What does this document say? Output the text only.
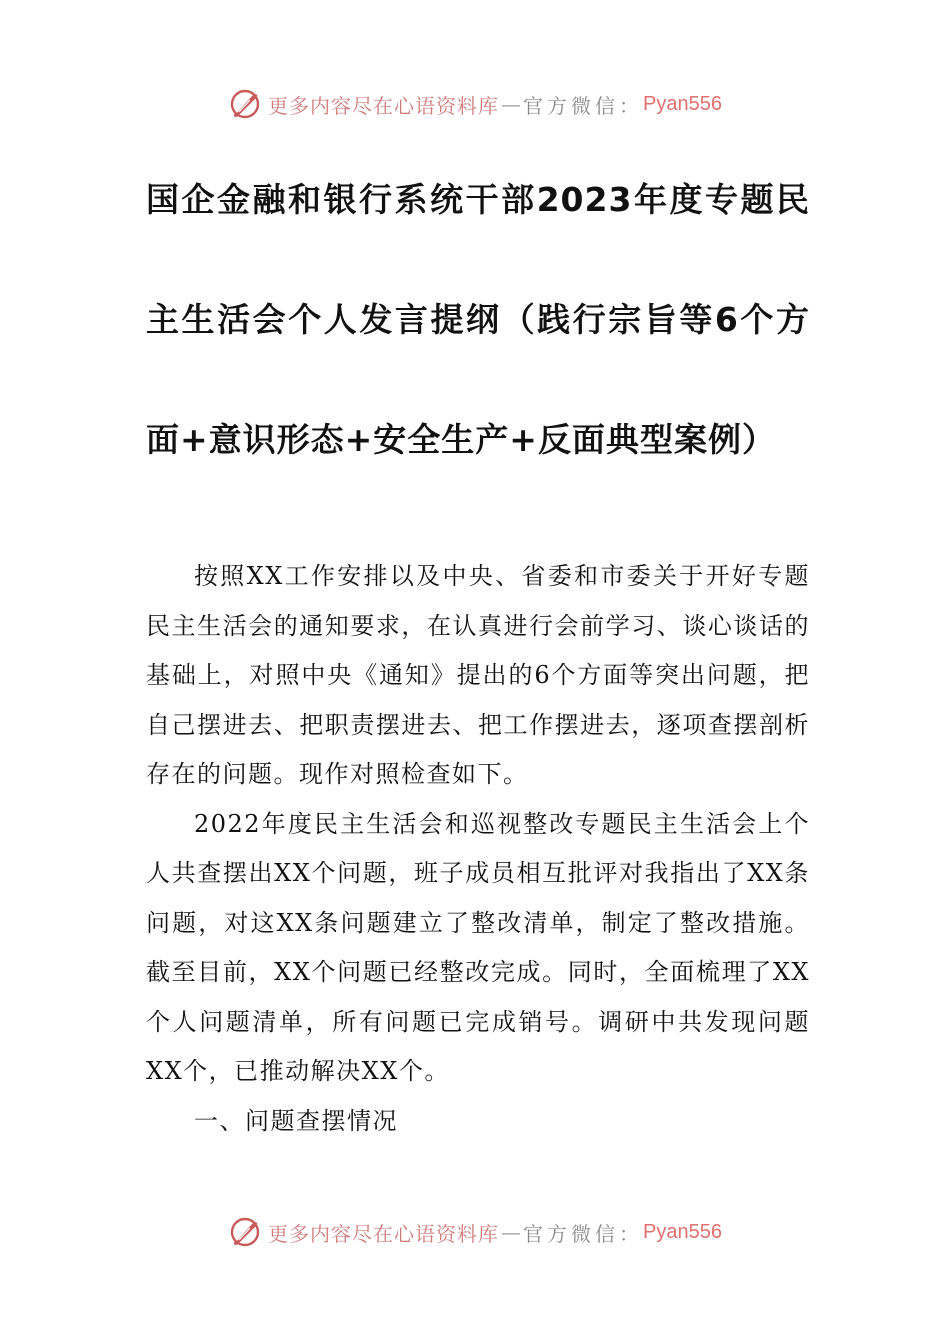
更多内容尽在心语资料库 — 官方微信： Pyan556
国企金融和银行系统干部2023年度专题民主生活会个人发言提纲（践行宗旨等6个方面+意识形态+安全生产+反面典型案例）

按照XX工作安排以及中央、省委和市委关于开好专题民主生活会的通知要求，在认真进行会前学习、谈心谈话的基础上，对照中央《通知》提出的6个方面等突出问题，把自己摆进去、把职责摆进去、把工作摆进去，逐项查摆剖析存在的问题。现作对照检查如下。

2022年度民主生活会和巡视整改专题民主生活会上个人共查摆出XX个问题，班子成员相互批评对我指出了XX条问题，对这XX条问题建立了整改清单，制定了整改措施。截至目前，XX个问题已经整改完成。同时，全面梳理了XX个人问题清单，所有问题已完成销号。调研中共发现问题XX个，已推动解决XX个。

一、问题查摆情况

更多内容尽在心语资料库 — 官方微信： Pyan556
